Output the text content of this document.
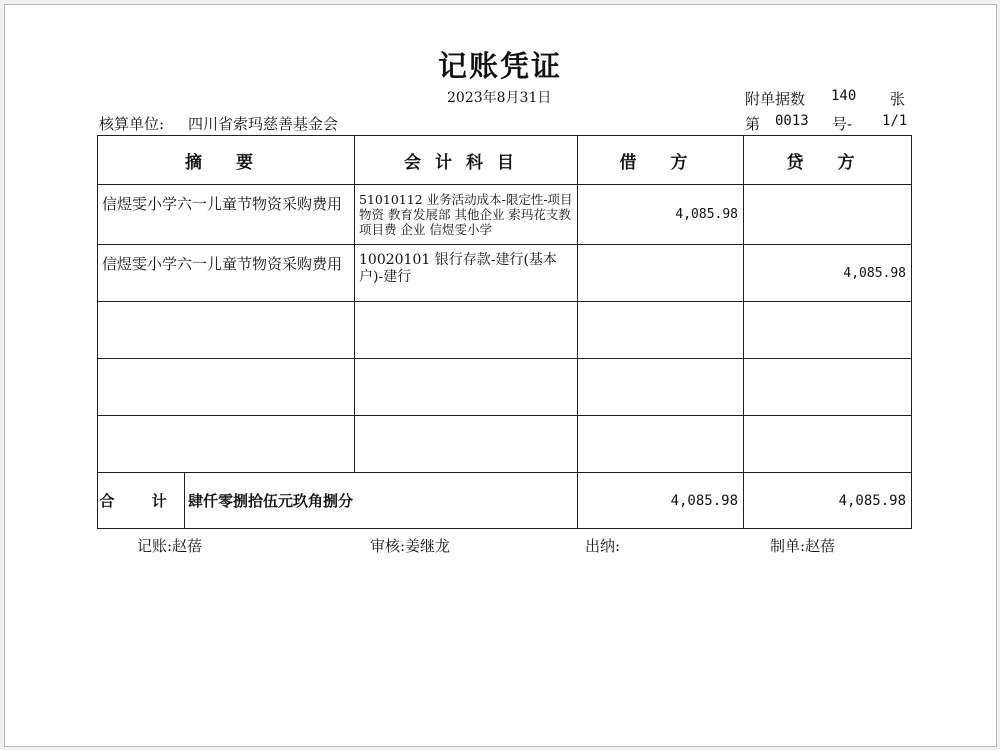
记账凭证
2023年8月31日	附单据数 140 张
核算单位: 四川省索玛慈善基金会	第 0013 号- 1/1
摘 要		会计科目	借 方	贷 方
信煜雯小学六一儿童节物资采购费用		51010112 业务活动成本-限定性-项目物资 教育发展部 其他企业 索玛花支教 项目费 企业 信煜雯小学	4,085.98	
信煜雯小学六一儿童节物资采购费用		10020101 银行存款-建行(基本户)-建行		4,085.98

合 计	肆仟零捌拾伍元玖角捌分		4,085.98	4,085.98
记账:赵蓓	审核:姜继龙	出纳:	制单:赵蓓
